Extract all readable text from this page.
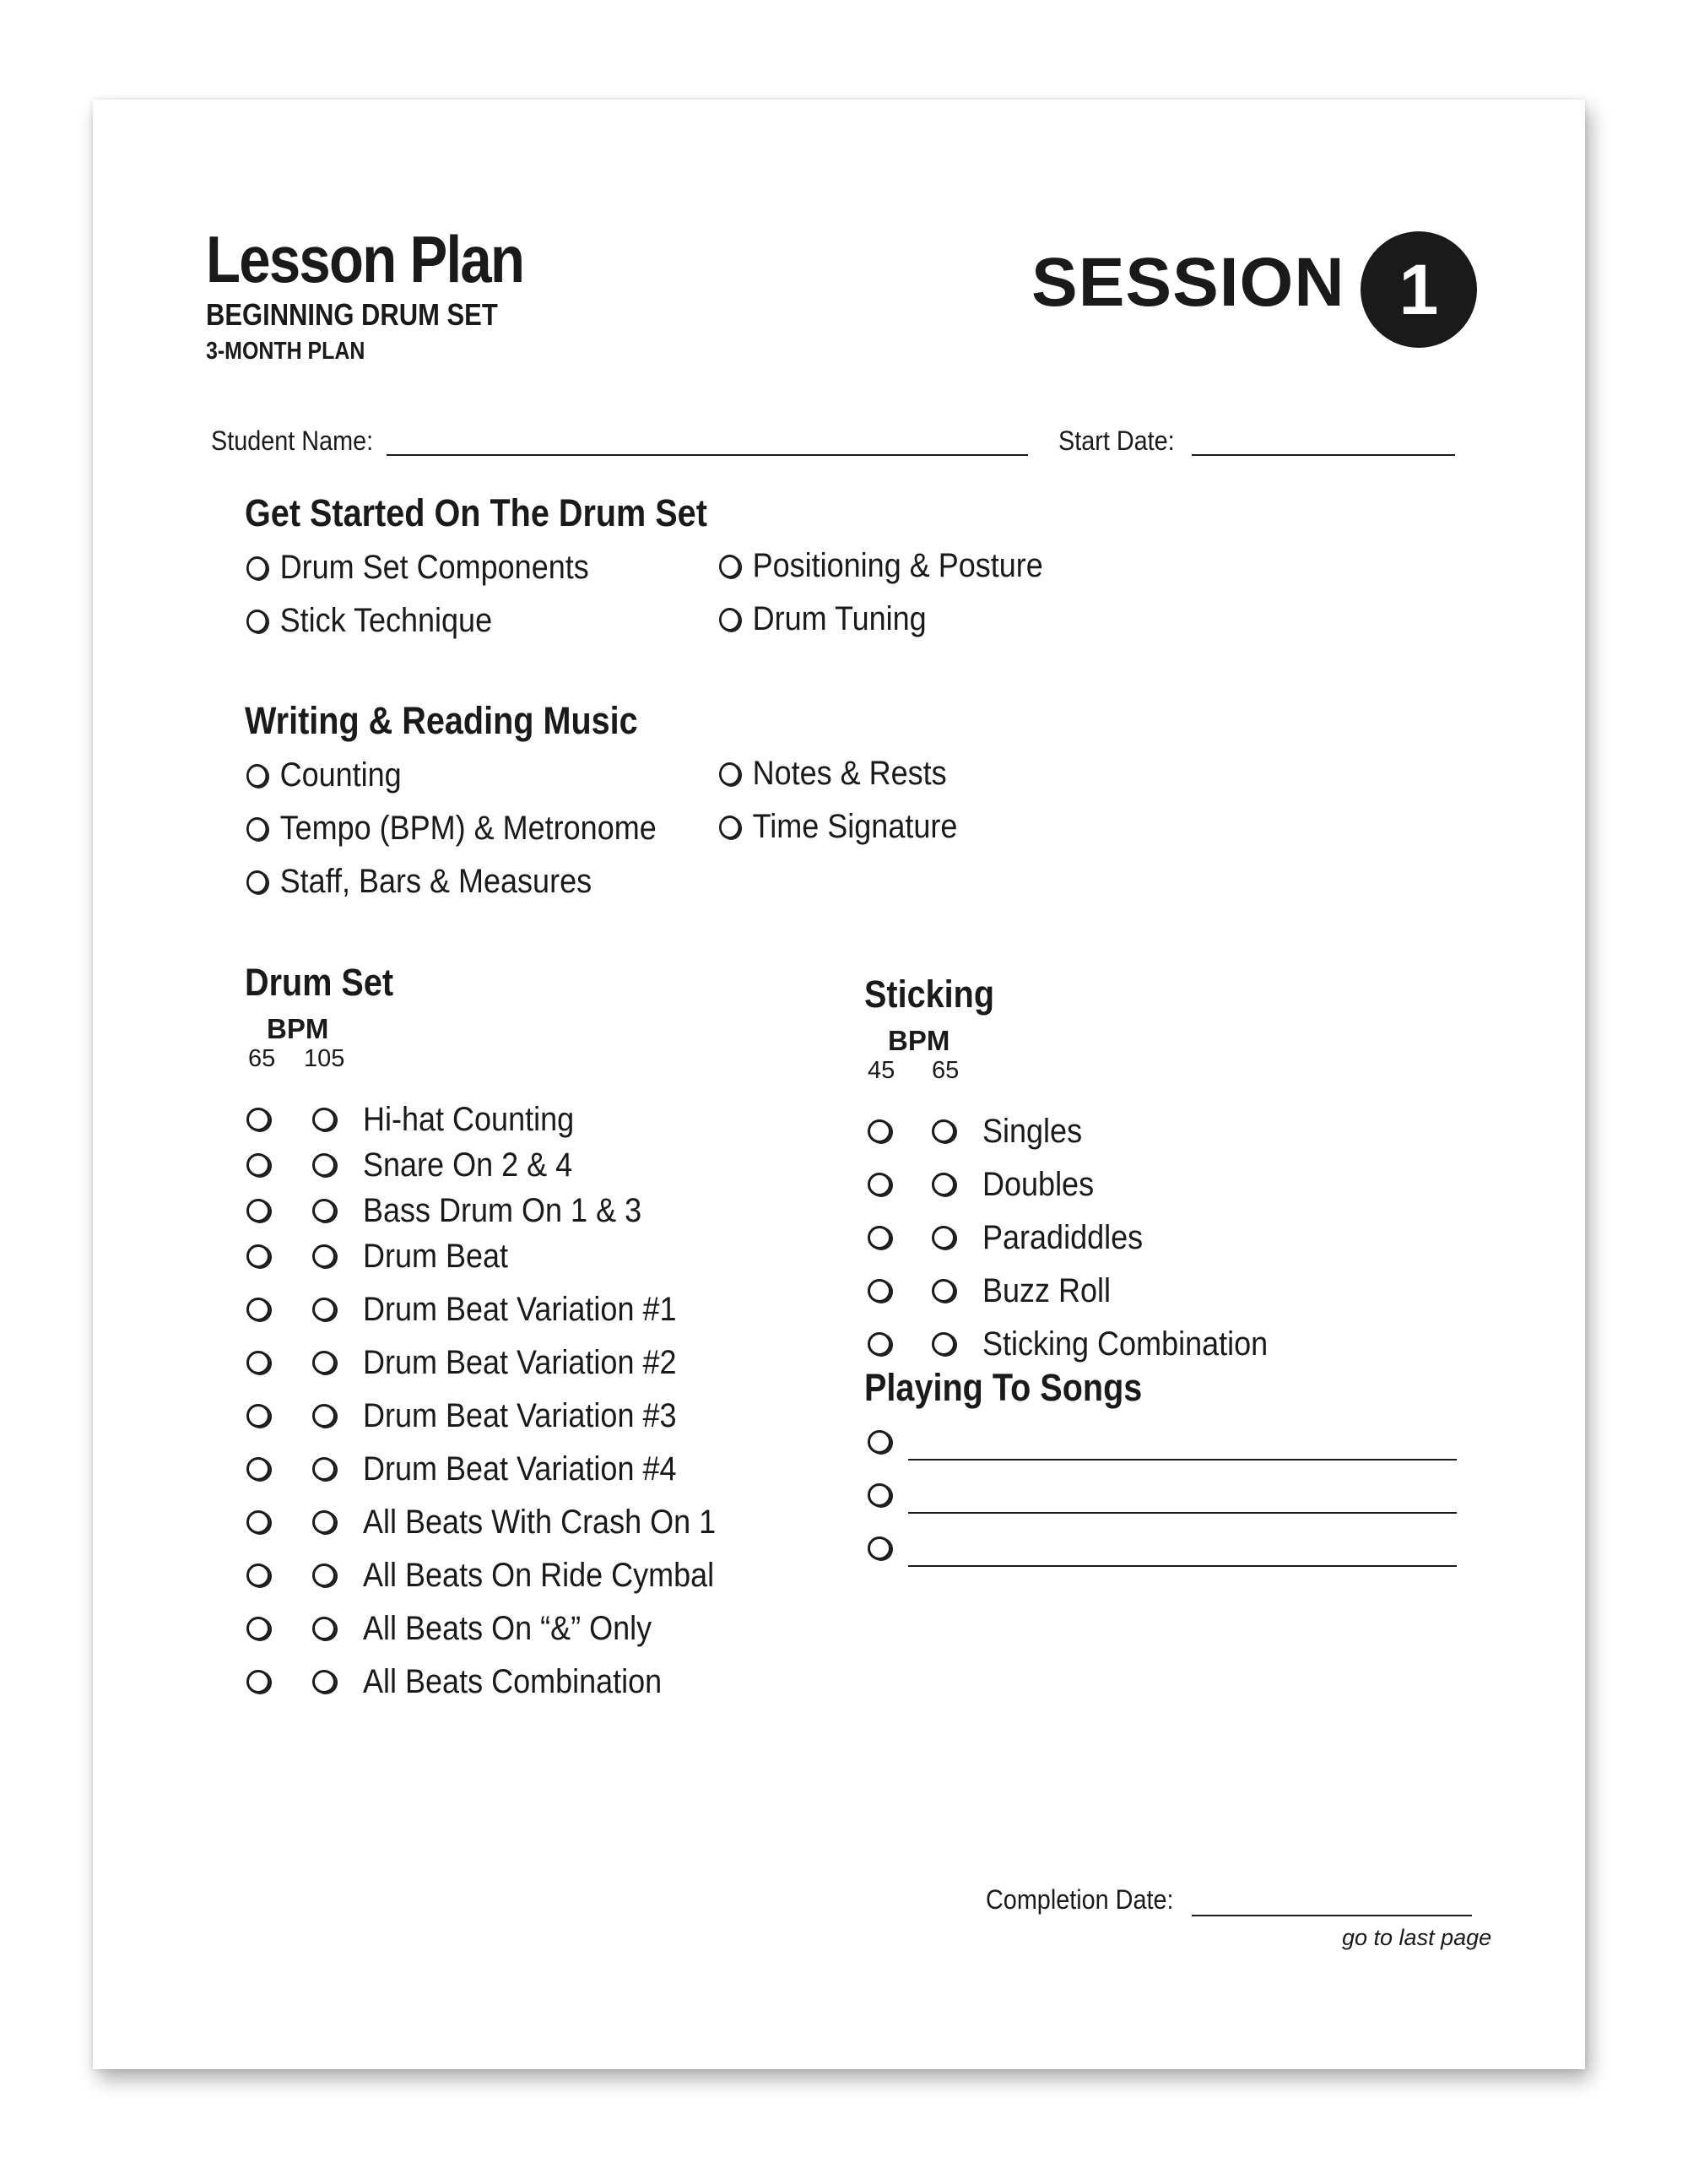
Lesson Plan
BEGINNING DRUM SET
3-MONTH PLAN
SESSION 1
Student Name:	Start Date:
Get Started On The Drum Set
Drum Set Components
Stick Technique
Positioning & Posture
Drum Tuning
Writing & Reading Music
Counting
Tempo (BPM) & Metronome
Staff, Bars & Measures
Notes & Rests
Time Signature
Drum Set
BPM
65 105
Hi-hat Counting
Snare On 2 & 4
Bass Drum On 1 & 3
Drum Beat
Drum Beat Variation #1
Drum Beat Variation #2
Drum Beat Variation #3
Drum Beat Variation #4
All Beats With Crash On 1
All Beats On Ride Cymbal
All Beats On “&” Only
All Beats Combination
Sticking
BPM
45 65
Singles
Doubles
Paradiddles
Buzz Roll
Sticking Combination
Playing To Songs
Completion Date:
go to last page
